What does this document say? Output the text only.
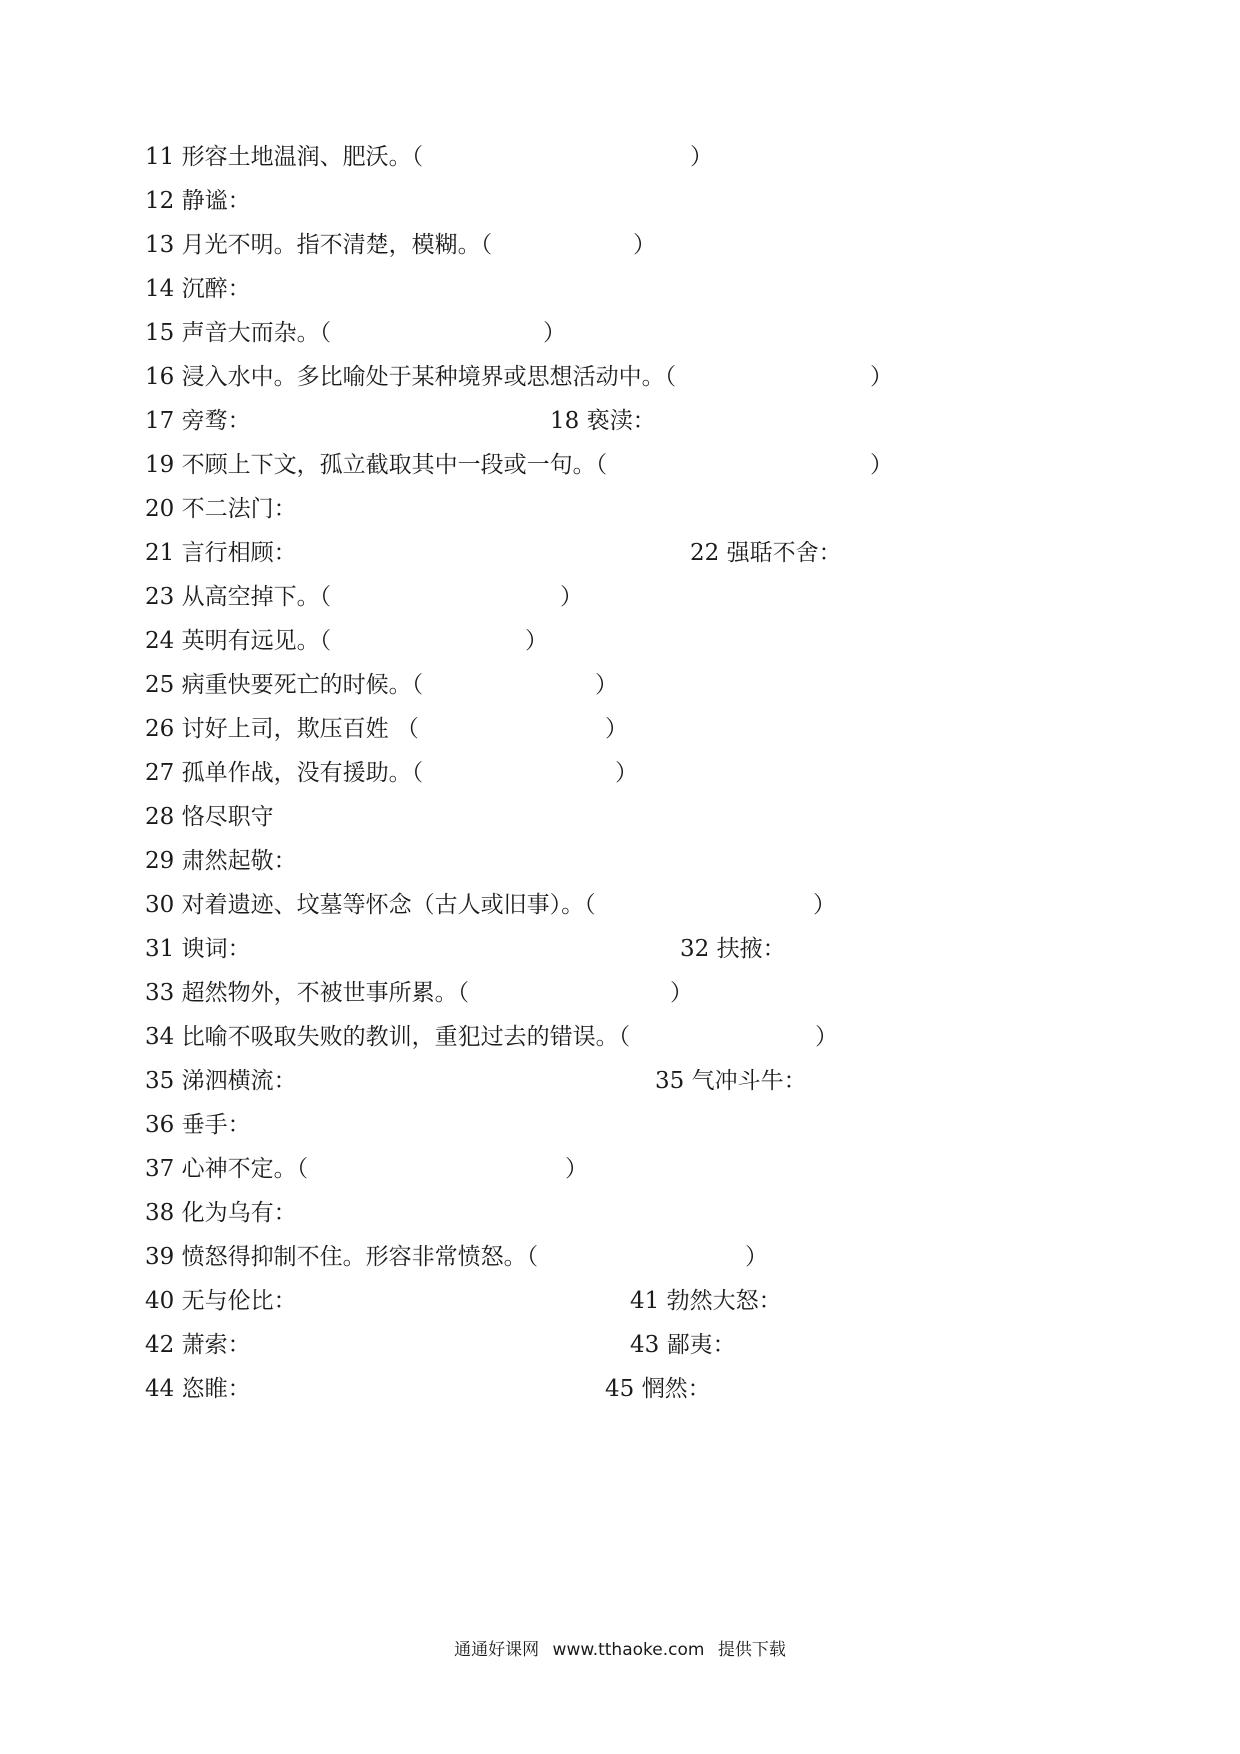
11 形容土地温润、肥沃。（	）
12 静谧：
13 月光不明。指不清楚，模糊。（	）
14 沉醉：
15 声音大而杂。（	）
16 浸入水中。多比喻处于某种境界或思想活动中。（	）
17 旁骛：	18 亵渎：
19 不顾上下文，孤立截取其中一段或一句。（	）
20 不二法门：
21 言行相顾：	22 强聒不舍：
23 从高空掉下。（	）
24 英明有远见。（	）
25 病重快要死亡的时候。（	）
26 讨好上司，欺压百姓 （	）
27 孤单作战，没有援助。（	）
28 恪尽职守
29 肃然起敬：
30 对着遗迹、坟墓等怀念（古人或旧事）。（	）
31 谀词：	32 扶掖：
33 超然物外，不被世事所累。（	）
34 比喻不吸取失败的教训，重犯过去的错误。（	）
35 涕泗横流：	35 气冲斗牛：
36 垂手：
37 心神不定。（	）
38 化为乌有：
39 愤怒得抑制不住。形容非常愤怒。（	）
40 无与伦比：	41 勃然大怒：
42 萧索：	43 鄙夷：
44 恣睢：	45 惘然：
通通好课网 www.tthaoke.com 提供下载
